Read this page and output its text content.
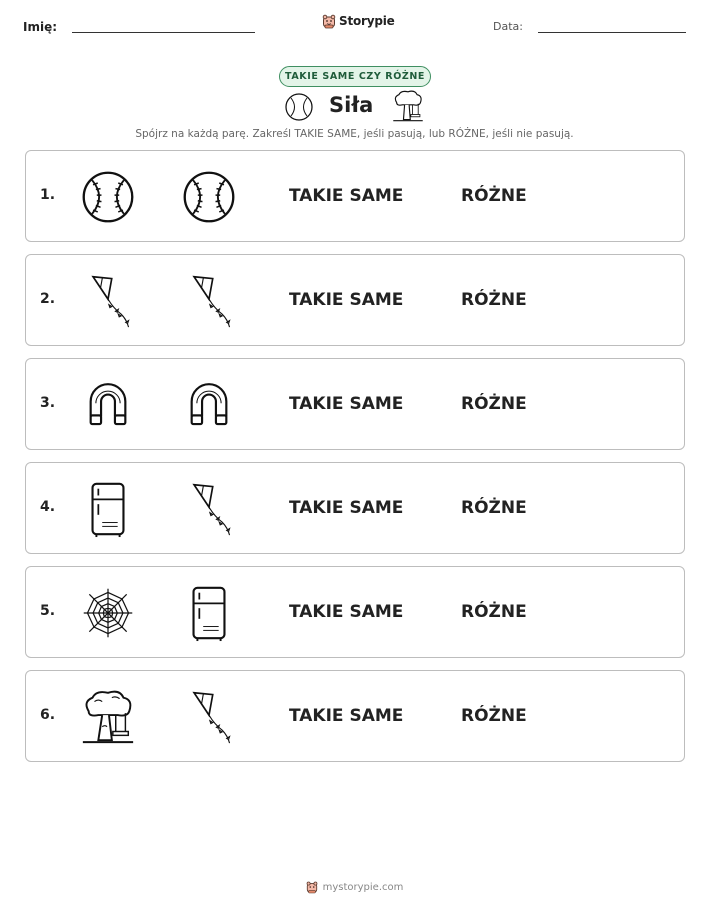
Imię:	Storypie	Data:
TAKIE SAME CZY RÓŻNE
Siła
Spójrz na każdą parę. Zakreśl TAKIE SAME, jeśli pasują, lub RÓŻNE, jeśli nie pasują.
1.	TAKIE SAME	RÓŻNE
2.	TAKIE SAME	RÓŻNE
3.	TAKIE SAME	RÓŻNE
4.	TAKIE SAME	RÓŻNE
5.	TAKIE SAME	RÓŻNE
6.	TAKIE SAME	RÓŻNE
mystorypie.com
